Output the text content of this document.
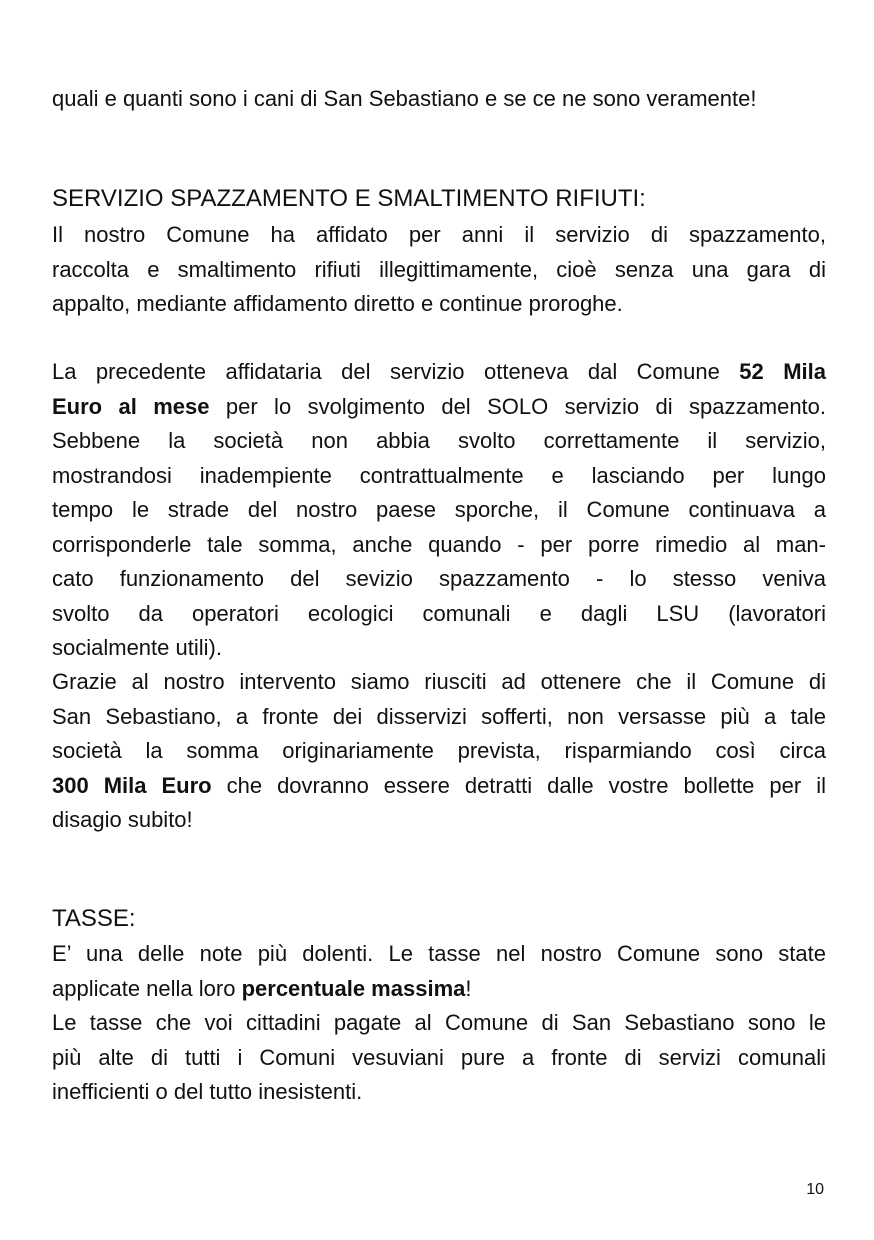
quali e quanti sono i cani di San Sebastiano e se ce ne sono veramente!
SERVIZIO SPAZZAMENTO E SMALTIMENTO RIFIUTI:
Il nostro Comune ha affidato per anni il servizio di spazzamento,
raccolta e smaltimento rifiuti illegittimamente, cioè senza una gara di
appalto, mediante affidamento diretto e continue proroghe.
La precedente affidataria del servizio otteneva dal Comune 52 Mila
Euro al mese per lo svolgimento del SOLO servizio di spazzamento.
Sebbene la società non abbia svolto correttamente il servizio,
mostrandosi inadempiente contrattualmente e lasciando per lungo
tempo le strade del nostro paese sporche, il Comune continuava a
corrisponderle tale somma, anche quando - per porre rimedio al man-
cato funzionamento del sevizio spazzamento - lo stesso veniva
svolto da operatori ecologici comunali e dagli LSU (lavoratori
socialmente utili).
Grazie al nostro intervento siamo riusciti ad ottenere che il Comune di
San Sebastiano, a fronte dei disservizi sofferti, non versasse più a tale
società la somma originariamente prevista, risparmiando così circa
300 Mila Euro che dovranno essere detratti dalle vostre bollette per il
disagio subito!
TASSE:
E’ una delle note più dolenti. Le tasse nel nostro Comune sono state
applicate nella loro percentuale massima!
Le tasse che voi cittadini pagate al Comune di San Sebastiano sono le
più alte di tutti i Comuni vesuviani pure a fronte di servizi comunali
inefficienti o del tutto inesistenti.
10
